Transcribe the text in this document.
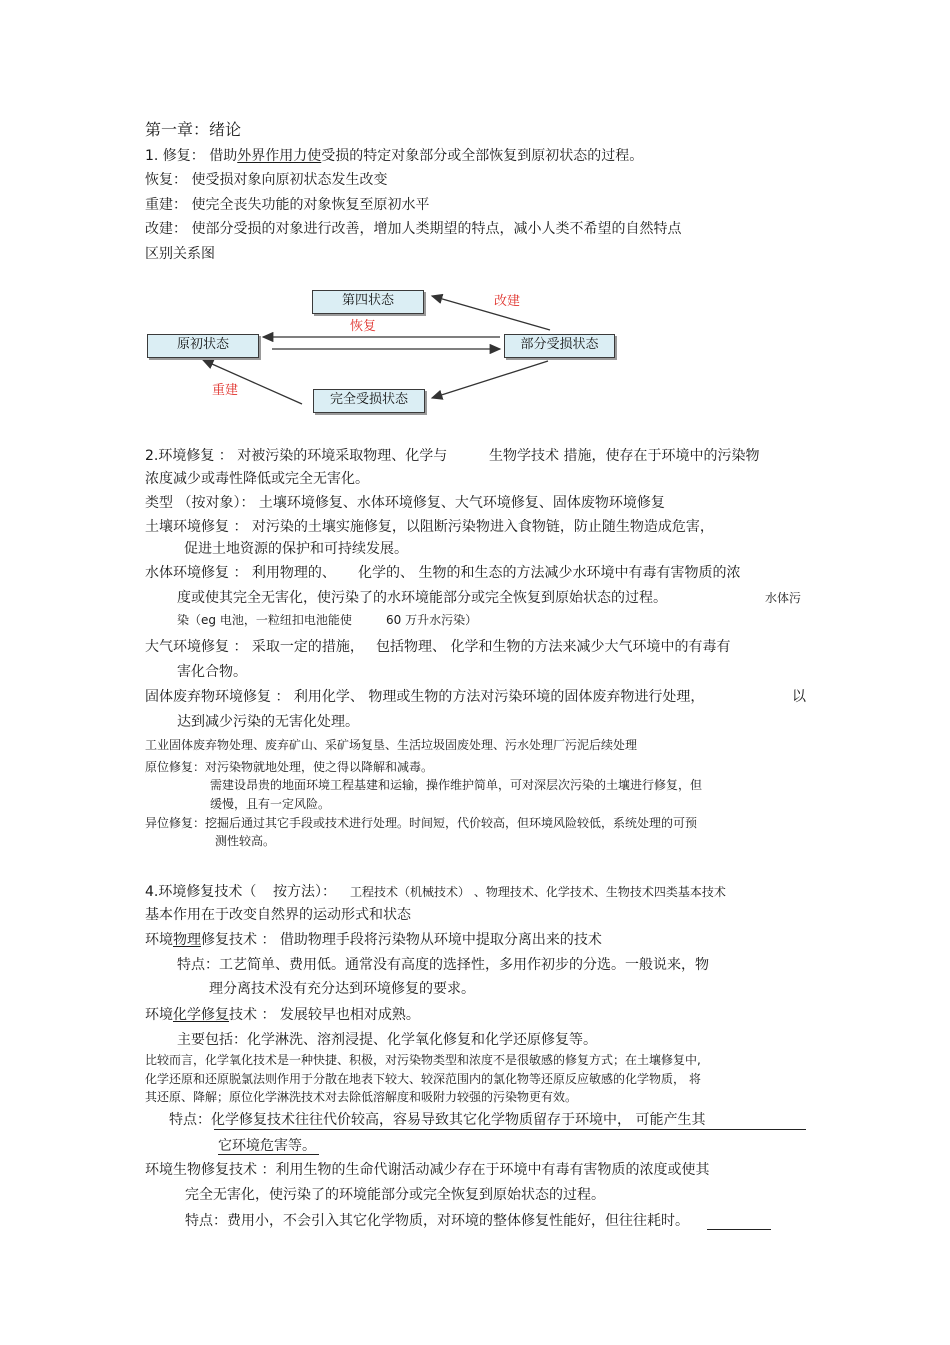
第一章：绪论
1. 修复： 借助外界作用力使受损的特定对象部分或全部恢复到原初状态的过程。
恢复： 使受损对象向原初状态发生改变
重建： 使完全丧失功能的对象恢复至原初水平
改建： 使部分受损的对象进行改善，增加人类期望的特点，减小人类不希望的自然特点
区别关系图
第四状态
原初状态	部分受损状态
完全受损状态
改建
恢复
重建
2.环境修复 ： 对被污染的环境采取物理、化学与	生物学技术 措施，使存在于环境中的污染物
浓度减少或毒性降低或完全无害化。
类型 （按对象）： 土壤环境修复、水体环境修复、大气环境修复、固体废物环境修复
土壤环境修复 ： 对污染的土壤实施修复，以阻断污染物进入食物链，防止随生物造成危害，
促进土地资源的保护和可持续发展。
水体环境修复 ： 利用物理的、 化学的、 生物的和生态的方法减少水环境中有毒有害物质的浓
度或使其完全无害化，使污染了的水环境能部分或完全恢复到原始状态的过程。	水体污
染（eg 电池，一粒纽扣电池能使	60 万升水污染）
大气环境修复 ： 采取一定的措施， 包括物理、 化学和生物的方法来减少大气环境中的有毒有
害化合物。
固体废弃物环境修复 ： 利用化学、 物理或生物的方法对污染环境的固体废弃物进行处理，	以
达到减少污染的无害化处理。
工业固体废弃物处理、废弃矿山、采矿场复垦、生活垃圾固废处理、污水处理厂污泥后续处理
原位修复：对污染物就地处理，使之得以降解和减毒。
需建设昂贵的地面环境工程基建和运输，操作维护简单，可对深层次污染的土壤进行修复，但
缓慢，且有一定风险。
异位修复：挖掘后通过其它手段或技术进行处理。时间短，代价较高，但环境风险较低，系统处理的可预
测性较高。
4.环境修复技术（ 按方法）： 工程技术（机械技术） 、物理技术、化学技术、生物技术四类基本技术
基本作用在于改变自然界的运动形式和状态
环境物理修复技术 ： 借助物理手段将污染物从环境中提取分离出来的技术
特点：工艺简单、费用低。通常没有高度的选择性，多用作初步的分选。一般说来，物
理分离技术没有充分达到环境修复的要求。
环境化学修复技术 ： 发展较早也相对成熟。
主要包括：化学淋洗、溶剂浸提、化学氧化修复和化学还原修复等。
比较而言，化学氧化技术是一种快捷、积极，对污染物类型和浓度不是很敏感的修复方式；在土壤修复中,
化学还原和还原脱氯法则作用于分散在地表下较大、较深范围内的氯化物等还原反应敏感的化学物质， 将
其还原、降解；原位化学淋洗技术对去除低溶解度和吸附力较强的污染物更有效。
特点：化学修复技术往往代价较高，容易导致其它化学物质留存于环境中， 可能产生其
它环境危害等。
环境生物修复技术 ：利用生物的生命代谢活动减少存在于环境中有毒有害物质的浓度或使其
完全无害化，使污染了的环境能部分或完全恢复到原始状态的过程。
特点：费用小，不会引入其它化学物质，对环境的整体修复性能好，但往往耗时。
